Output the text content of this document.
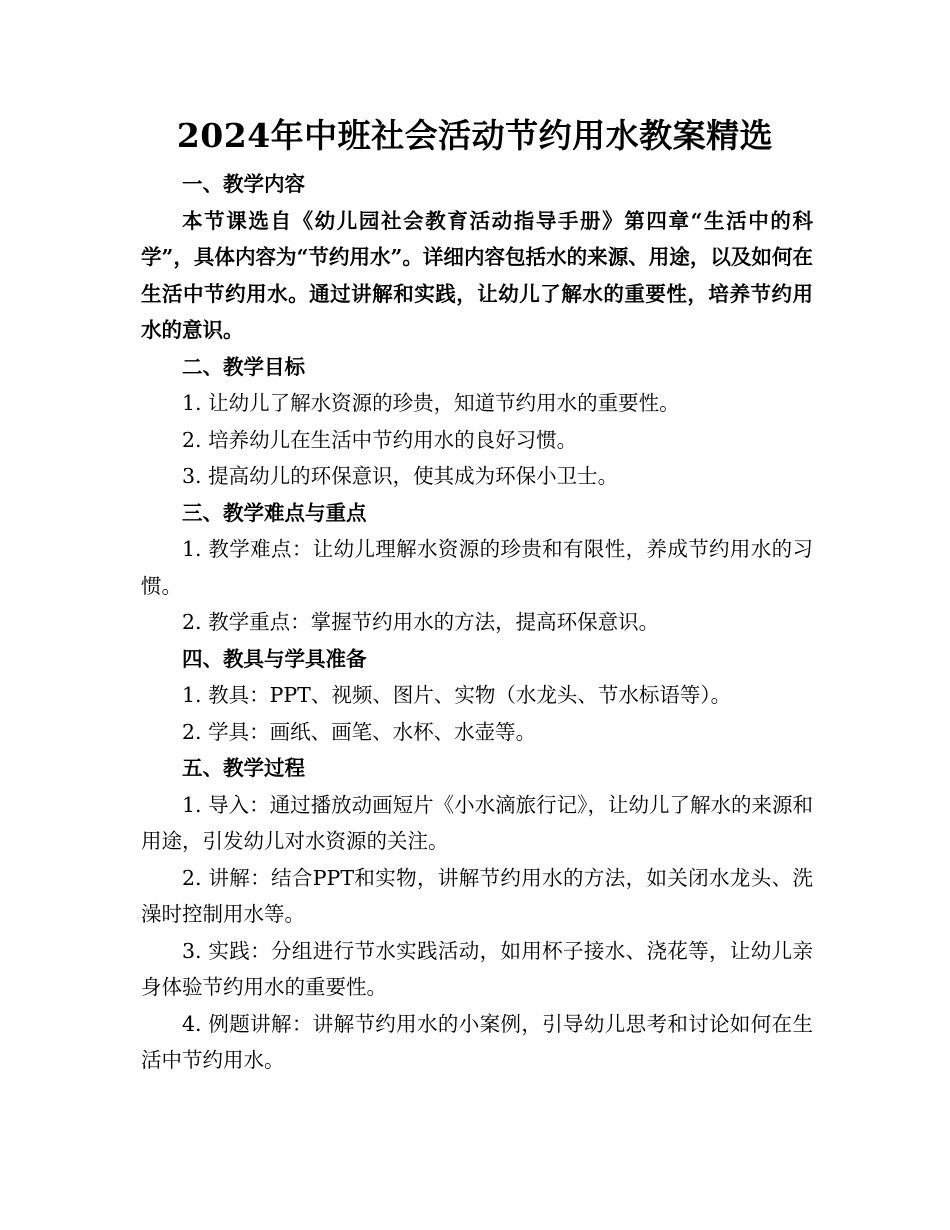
2024年中班社会活动节约用水教案精选

一、教学内容

本节课选自《幼儿园社会教育活动指导手册》第四章“生活中的科学”，具体内容为“节约用水”。详细内容包括水的来源、用途，以及如何在生活中节约用水。通过讲解和实践，让幼儿了解水的重要性，培养节约用水的意识。

二、教学目标

1. 让幼儿了解水资源的珍贵，知道节约用水的重要性。

2. 培养幼儿在生活中节约用水的良好习惯。

3. 提高幼儿的环保意识，使其成为环保小卫士。

三、教学难点与重点

1. 教学难点：让幼儿理解水资源的珍贵和有限性，养成节约用水的习惯。

2. 教学重点：掌握节约用水的方法，提高环保意识。

四、教具与学具准备

1. 教具：PPT、视频、图片、实物（水龙头、节水标语等）。

2. 学具：画纸、画笔、水杯、水壶等。

五、教学过程

1. 导入：通过播放动画短片《小水滴旅行记》，让幼儿了解水的来源和用途，引发幼儿对水资源的关注。

2. 讲解：结合PPT和实物，讲解节约用水的方法，如关闭水龙头、洗澡时控制用水等。

3. 实践：分组进行节水实践活动，如用杯子接水、浇花等，让幼儿亲身体验节约用水的重要性。

4. 例题讲解：讲解节约用水的小案例，引导幼儿思考和讨论如何在生活中节约用水。
